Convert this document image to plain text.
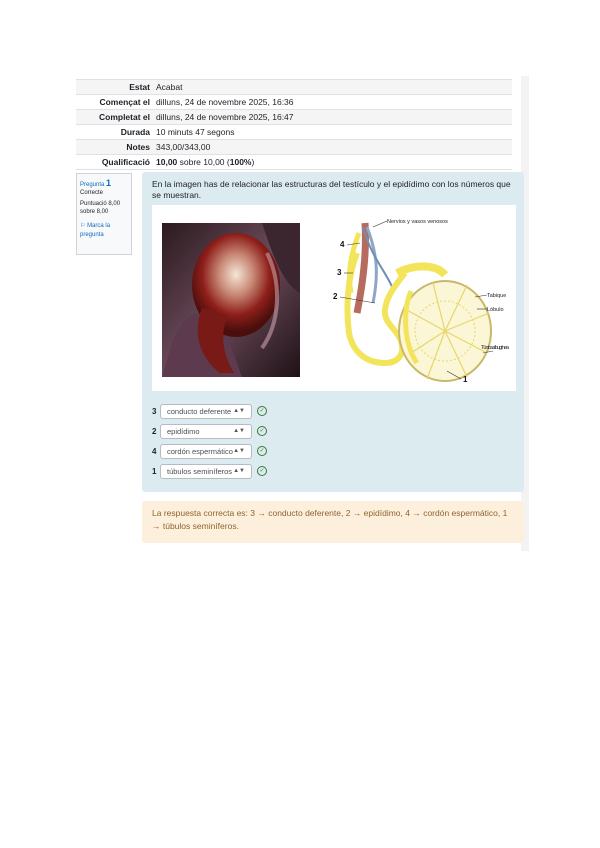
Estat Acabat
Començat el dilluns, 24 de novembre 2025, 16:36
Completat el dilluns, 24 de novembre 2025, 16:47
Durada 10 minuts 47 segons
Notes 343,00/343,00
Qualificació 10,00 sobre 10,00 (100%)
Pregunta 1
Correcte
Puntuació 8,00 sobre 8,00
⚐ Marca la pregunta
En la imagen has de relacionar las estructuras del testículo y el epidídimo con los números que se muestran.
Nervios y vasos venosos
4
3
2	Tabique
Lóbulo
Túnica albugínea
1
3	conducto deferente ▲▼	✓
2	epidídimo	▲▼	✓
4	cordón espermático ▲▼	✓
1	túbulos seminíferos ▲▼	✓
La respuesta correcta es: 3 → conducto deferente, 2 → epidídimo, 4 → cordón espermático, 1 → túbulos seminíferos.
